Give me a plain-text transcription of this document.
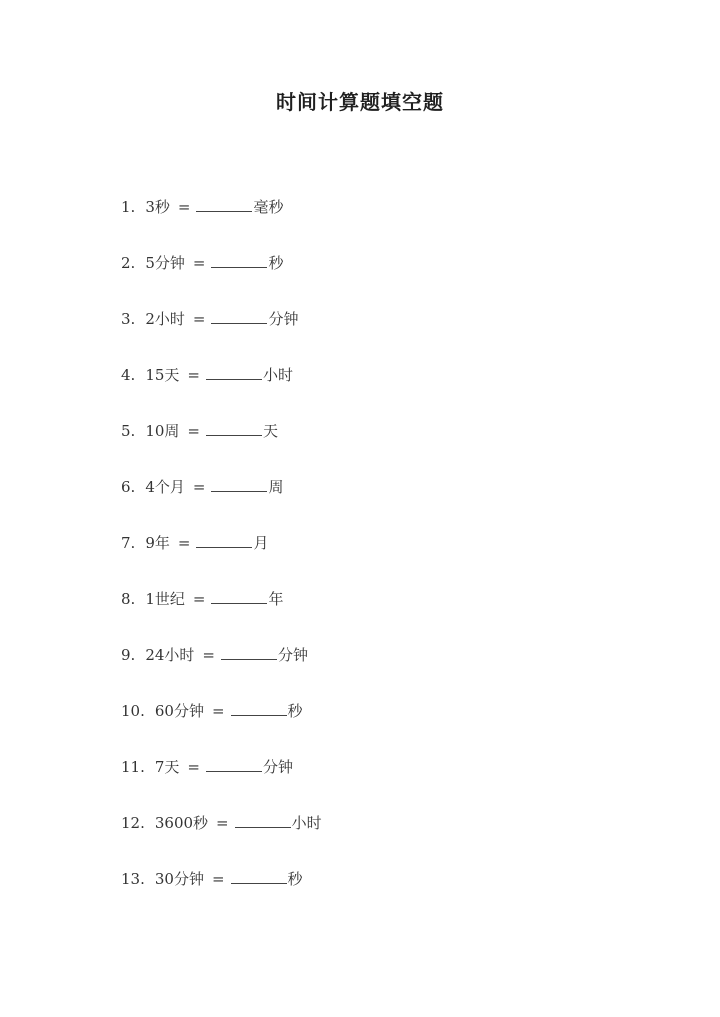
时间计算题填空题
1. 3秒 =	毫秒
2. 5分钟 =	秒
3. 2小时 =	分钟
4. 15天 =	小时
5. 10周 =	天
6. 4个月 =	周
7. 9年 =	月
8. 1世纪 =	年
9. 24小时 =	分钟
10. 60分钟 =	秒
11. 7天 =	分钟
12. 3600秒 =	小时
13. 30分钟 =	秒
